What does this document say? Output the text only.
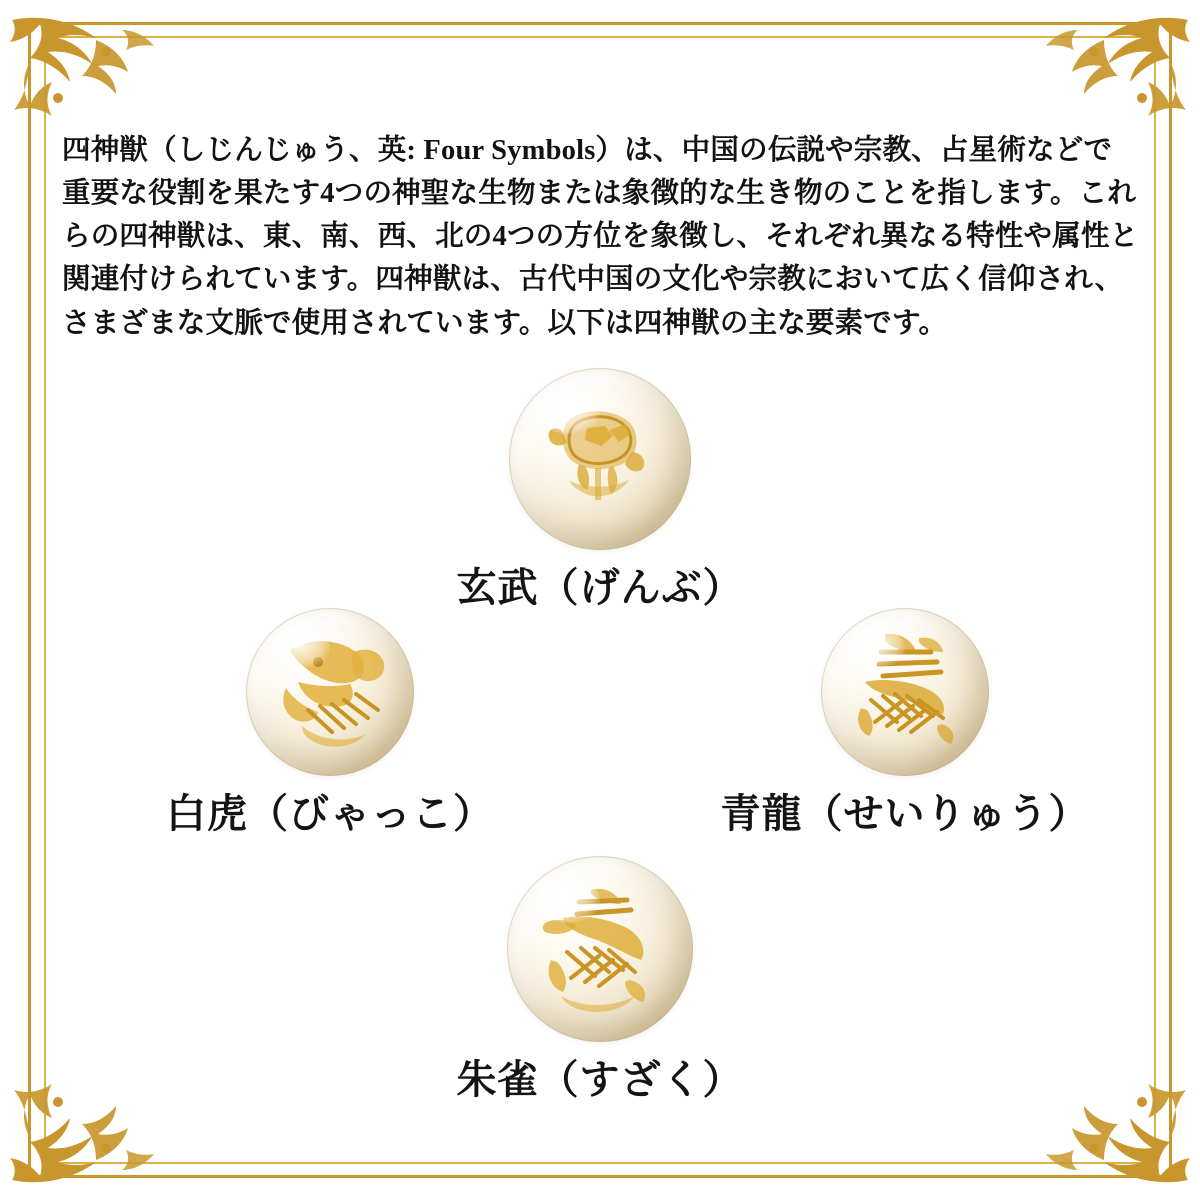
四神獣（しじんじゅう、英: Four Symbols）は、中国の伝説や宗教、占星術などで重要な役割を果たす4つの神聖な生物または象徴的な生き物のことを指します。これらの四神獣は、東、南、西、北の4つの方位を象徴し、それぞれ異なる特性や属性と関連付けられています。四神獣は、古代中国の文化や宗教において広く信仰され、さまざまな文脈で使用されています。以下は四神獣の主な要素です。

玄武（げんぶ）
白虎（びゃっこ）	青龍（せいりゅう）
朱雀（すざく）
